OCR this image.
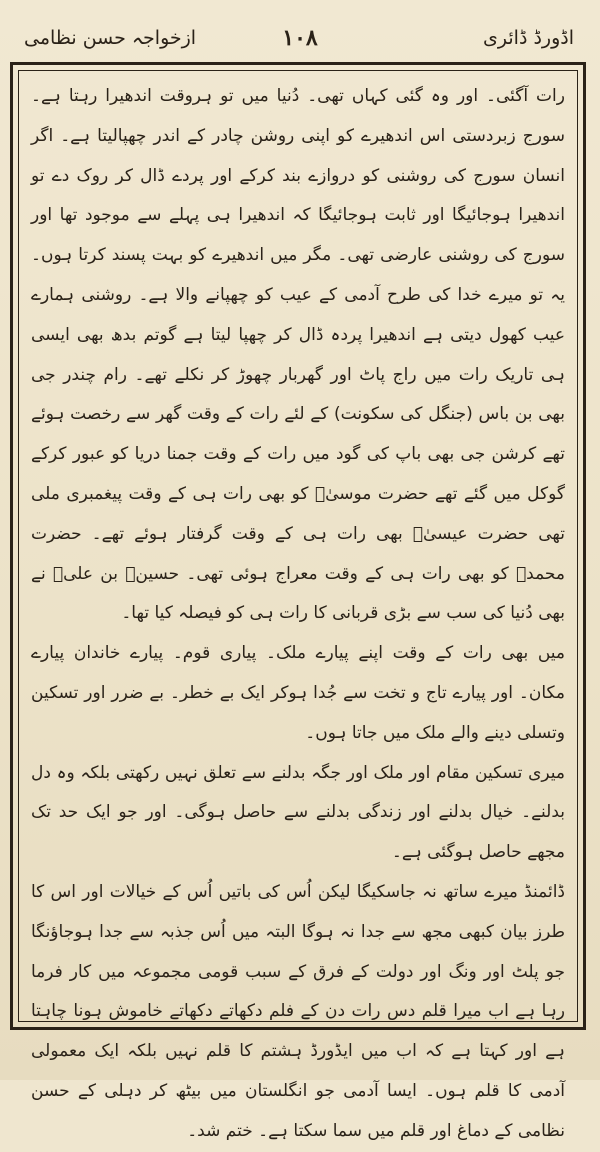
اڈورڈ ڈائری
۱۰۸
ازخواجہ حسن نظامی

رات آگئی۔ اور وہ گئی کہاں تھی۔ دُنیا میں تو ہروقت اندھیرا رہتا ہے۔ سورج زبردستی اس اندھیرے کو اپنی روشن چادر کے اندر چھپالیتا ہے۔ اگر انسان سورج کی روشنی کو دروازے بند کرکے اور پردے ڈال کر روک دے تو اندھیرا ہوجائیگا اور ثابت ہوجائیگا کہ اندھیرا ہی پہلے سے موجود تھا اور سورج کی روشنی عارضی تھی۔ مگر میں اندھیرے کو بہت پسند کرتا ہوں۔ یہ تو میرے خدا کی طرح آدمی کے عیب کو چھپانے والا ہے۔ روشنی ہمارے عیب کھول دیتی ہے اندھیرا پردہ ڈال کر چھپا لیتا ہے گوتم بدھ بھی ایسی ہی تاریک رات میں راج پاٹ اور گھربار چھوڑ کر نکلے تھے۔ رام چندر جی بھی بن باس (جنگل کی سکونت) کے لئے رات کے وقت گھر سے رخصت ہوئے تھے کرشن جی بھی باپ کی گود میں رات کے وقت جمنا دریا کو عبور کرکے گوکل میں گئے تھے حضرت موسیٰؑ کو بھی رات ہی کے وقت پیغمبری ملی تھی حضرت عیسیٰؑ بھی رات ہی کے وقت گرفتار ہوئے تھے۔ حضرت محمدؐ کو بھی رات ہی کے وقت معراج ہوئی تھی۔ حسینؑ بن علیؑ نے بھی دُنیا کی سب سے بڑی قربانی کا رات ہی کو فیصلہ کیا تھا۔

میں بھی رات کے وقت اپنے پیارے ملک۔ پیاری قوم۔ پیارے خاندان پیارے مکان۔ اور پیارے تاج و تخت سے جُدا ہوکر ایک بے خطر۔ بے ضرر اور تسکین وتسلی دینے والے ملک میں جاتا ہوں۔

میری تسکین مقام اور ملک اور جگہ بدلنے سے تعلق نہیں رکھتی بلکہ وہ دل بدلنے۔ خیال بدلنے اور زندگی بدلنے سے حاصل ہوگی۔ اور جو ایک حد تک مجھے حاصل ہوگئی ہے۔

ڈائمنڈ میرے ساتھ نہ جاسکیگا لیکن اُس کی باتیں اُس کے خیالات اور اس کا طرز بیان کبھی مجھ سے جدا نہ ہوگا البتہ میں اُس جذبہ سے جدا ہوجاؤنگا جو پلٹ اور ونگ اور دولت کے فرق کے سبب قومی مجموعہ میں کار فرما رہا ہے اب میرا قلم دس رات دن کے فلم دکھاتے دکھاتے خاموش ہونا چاہتا ہے اور کہتا ہے کہ اب میں ایڈورڈ ہشتم کا قلم نہیں بلکہ ایک معمولی آدمی کا قلم ہوں۔ ایسا آدمی جو انگلستان میں بیٹھ کر دہلی کے حسن نظامی کے دماغ اور قلم میں سما سکتا ہے۔ ختم شد۔
